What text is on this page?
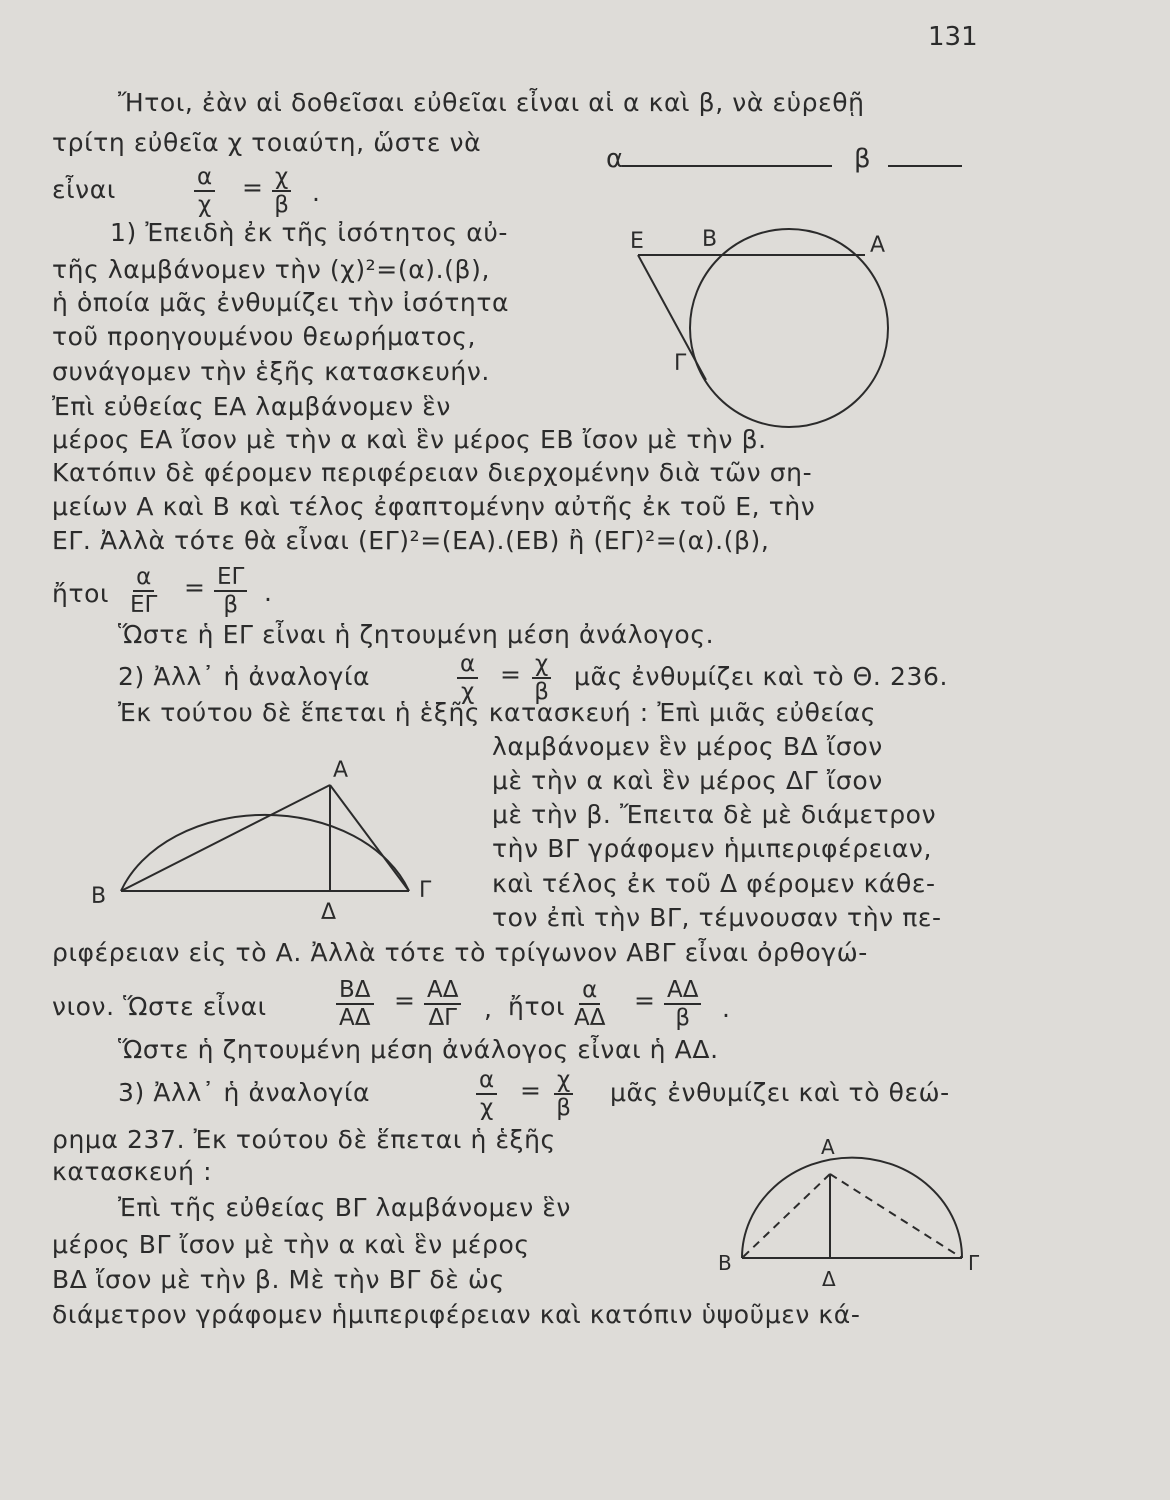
131
Ἤτοι, ἐὰν αἱ δοθεῖσαι εὐθεῖαι εἶναι αἱ α καὶ β, νὰ εὑρεθῇ
τρίτη εὐθεῖα χ τοιαύτη, ὥστε νὰ
εἶναι	$\frac{\alpha}{\chi} = \frac{\chi}{\beta}$ .
α	β
1) Ἐπειδὴ ἐκ τῆς ἰσότητος αὐ-
τῆς λαμβάνομεν τὴν (χ)²=(α).(β),
ἡ ὁποία μᾶς ἐνθυμίζει τὴν ἰσότητα
τοῦ προηγουμένου θεωρήματος,
συνάγομεν τὴν ἑξῆς κατασκευήν.
Ἐπὶ εὐθείας ΕΑ λαμβάνομεν ἓν
Ε	Β	Α
Γ
μέρος ΕΑ ἴσον μὲ τὴν α καὶ ἓν μέρος ΕΒ ἴσον μὲ τὴν β.
Κατόπιν δὲ φέρομεν περιφέρειαν διερχομένην διὰ τῶν ση-
μείων Α καὶ Β καὶ τέλος ἐφαπτομένην αὐτῆς ἐκ τοῦ Ε, τὴν
ΕΓ. Ἀλλὰ τότε θὰ εἶναι (ΕΓ)²=(ΕΑ).(ΕΒ) ἢ (ΕΓ)²=(α).(β),
ἤτοι $\frac{\alpha}{E\Gamma} = \frac{E\Gamma}{\beta}$ .
Ὥστε ἡ ΕΓ εἶναι ἡ ζητουμένη μέση ἀνάλογος.
2) Ἀλλ᾽ ἡ ἀναλογία	$\frac{\alpha}{\chi} = \frac{\chi}{\beta}$ μᾶς ἐνθυμίζει καὶ τὸ Θ. 236.
Ἐκ τούτου δὲ ἕπεται ἡ ἑξῆς κατασκευή : Ἐπὶ μιᾶς εὐθείας
λαμβάνομεν ἓν μέρος ΒΔ ἴσον
μὲ τὴν α καὶ ἓν μέρος ΔΓ ἴσον
μὲ τὴν β. Ἔπειτα δὲ μὲ διάμετρον
τὴν ΒΓ γράφομεν ἡμιπεριφέρειαν,
καὶ τέλος ἐκ τοῦ Δ φέρομεν κάθε-
τον ἐπὶ τὴν ΒΓ, τέμνουσαν τὴν πε-
Α
Β	Γ
Δ
ριφέρειαν εἰς τὸ Α. Ἀλλὰ τότε τὸ τρίγωνον ΑΒΓ εἶναι ὀρθογώ-
νιον. Ὥστε εἶναι	$\frac{B\Delta}{A\Delta} = \frac{A\Delta}{\Delta\Gamma}$ , ἤτοι $\frac{\alpha}{A\Delta} = \frac{A\Delta}{\beta}$ .
Ὥστε ἡ ζητουμένη μέση ἀνάλογος εἶναι ἡ ΑΔ.
3) Ἀλλ᾽ ἡ ἀναλογία	$\frac{\alpha}{\chi} = \frac{\chi}{\beta}$ μᾶς ἐνθυμίζει καὶ τὸ θεώ-
ρημα 237. Ἐκ τούτου δὲ ἕπεται ἡ ἑξῆς
κατασκευή :
Ἐπὶ τῆς εὐθείας ΒΓ λαμβάνομεν ἓν
μέρος ΒΓ ἴσον μὲ τὴν α καὶ ἓν μέρος
ΒΔ ἴσον μὲ τὴν β. Μὲ τὴν ΒΓ δὲ ὡς
Α
Β	Γ
Δ
διάμετρον γράφομεν ἡμιπεριφέρειαν καὶ κατόπιν ὑψοῦμεν κά-
